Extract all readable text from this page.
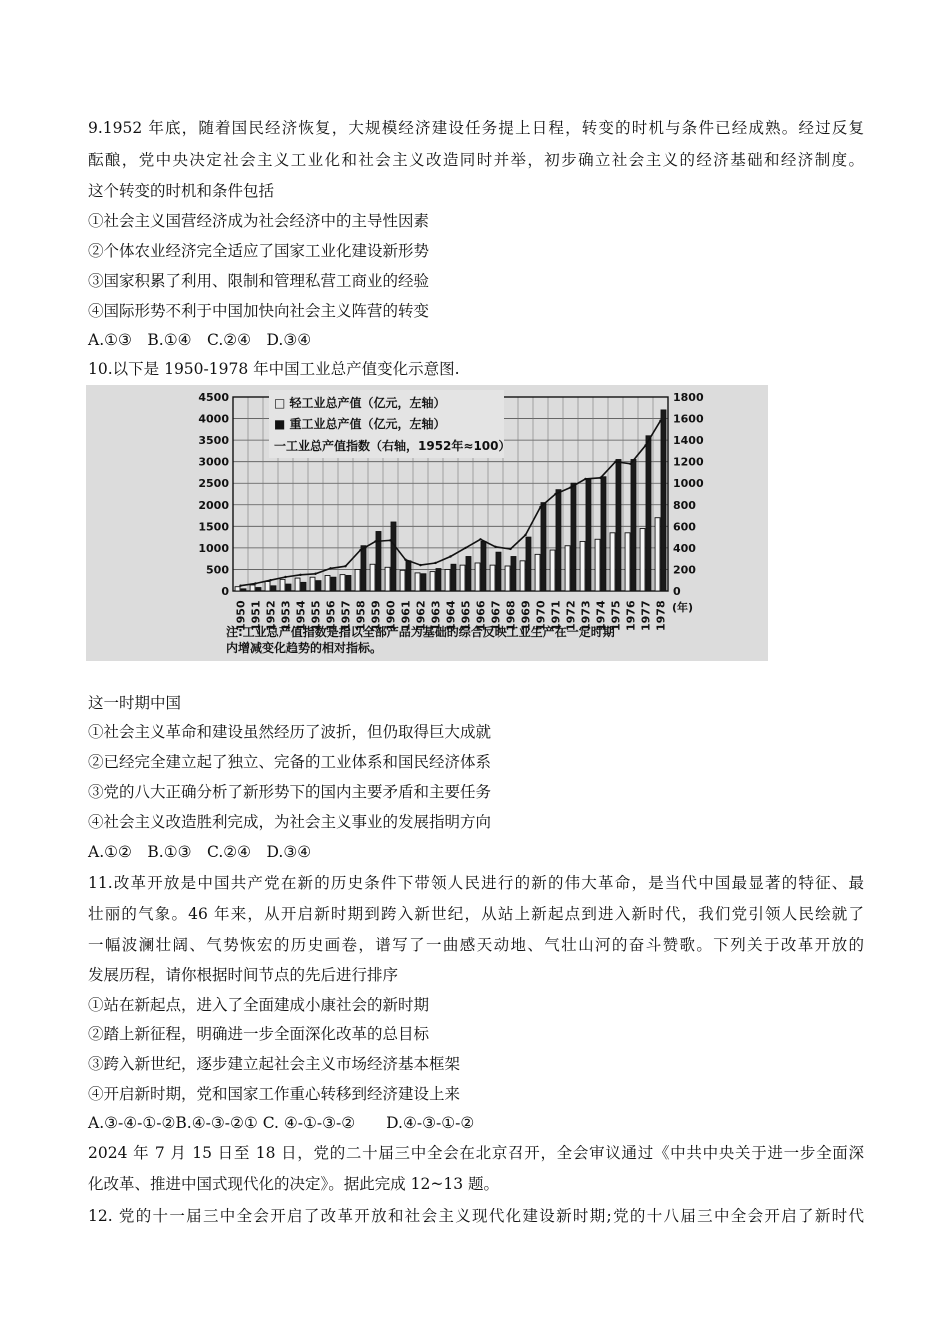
9.1952 年底，随着国民经济恢复，大规模经济建设任务提上日程，转变的时机与条件已经成熟。经过反复
酝酿，党中央决定社会主义工业化和社会主义改造同时并举，初步确立社会主义的经济基础和经济制度。
这个转变的时机和条件包括
①社会主义国营经济成为社会经济中的主导性因素
②个体农业经济完全适应了国家工业化建设新形势
③国家积累了利用、限制和管理私营工商业的经验
④国际形势不利于中国加快向社会主义阵营的转变
A.①③　B.①④　C.②④　D.③④
10.以下是 1950-1978 年中国工业总产值变化示意图.
4500	1800
4000	1600
3500	1400
3000	1200
2500	1000
2000	800
1500	600
1000	400
500	200
0	0
1950 1951 1952 1953 1954 1955 1956 1957 1958 1959 1960 1961 1962 1963 1964 1965 1966 1967 1968 1969 1970 1971 1972 1973 1974 1975 1976 1977 1978
□ 轻工业总产值（亿元，左轴）
■ 重工业总产值（亿元，左轴）
一工业总产值指数（右轴，1952年≈100）
(年)
注:工业总产值指数是指以全部产品为基础的综合反映工业生产在一定时期
内增减变化趋势的相对指标。
这一时期中国
①社会主义革命和建设虽然经历了波折，但仍取得巨大成就
②已经完全建立起了独立、完备的工业体系和国民经济体系
③党的八大正确分析了新形势下的国内主要矛盾和主要任务
④社会主义改造胜利完成，为社会主义事业的发展指明方向
A.①②　B.①③　C.②④　D.③④
11.改革开放是中国共产党在新的历史条件下带领人民进行的新的伟大革命，是当代中国最显著的特征、最
壮丽的气象。46 年来，从开启新时期到跨入新世纪，从站上新起点到进入新时代，我们党引领人民绘就了
一幅波澜壮阔、气势恢宏的历史画卷，谱写了一曲感天动地、气壮山河的奋斗赞歌。下列关于改革开放的
发展历程，请你根据时间节点的先后进行排序
①站在新起点，进入了全面建成小康社会的新时期
②踏上新征程，明确进一步全面深化改革的总目标
③跨入新世纪，逐步建立起社会主义市场经济基本框架
④开启新时期，党和国家工作重心转移到经济建设上来
A.③-④-①-②B.④-③-②① C. ④-①-③-②　　D.④-③-①-②
2024 年 7 月 15 日至 18 日，党的二十届三中全会在北京召开，全会审议通过《中共中央关于进一步全面深
化改革、推进中国式现代化的决定》。据此完成 12~13 题。
12. 党的十一届三中全会开启了改革开放和社会主义现代化建设新时期;党的十八届三中全会开启了新时代
